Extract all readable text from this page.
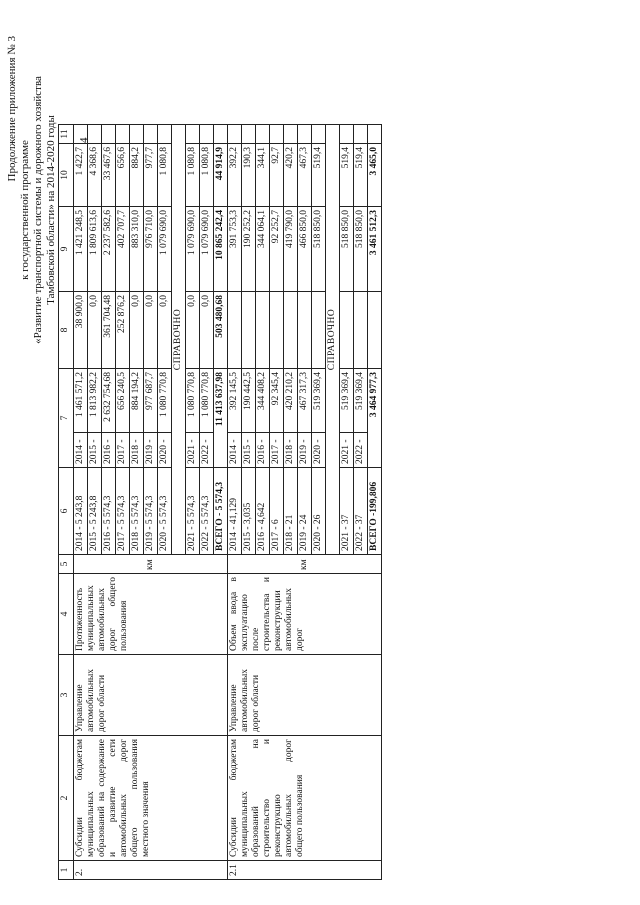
4
Продолжение приложения № 3
к государственной программе «Развитие транспортной системы и дорожного хозяйства Тамбовской области» на 2014-2020 годы
1	2	3	4	5	6	7		8	9	10	11
2.	Субсидии бюджетам муниципальных образований на содержание и развитие сети автомобильных дорог общего пользования местного значения	Управление автомобильных дорог области	Протяженность муниципальных автомобильных дорог общего пользования	км	2014 - 5 243,8	2014 -	1 461 571,2	38 900,0	1 421 248,5	1 422,7	
					2015 - 5 243,8	2015 -	1 813 982,2	0,0	1 809 613,6	4 368,6	
					2016 - 5 574,3	2016 -	2 632 754,68	361 704,48	2 237 582,6	33 467,6	
					2017 - 5 574,3	2017 -	656 240,5	252 876,2	402 707,7	656,6	
					2018 - 5 574,3	2018 -	884 194,2	0,0	883 310,0	884,2	
					2019 - 5 574,3	2019 -	977 687,7	0,0	976 710,0	977,7	
					2020 - 5 574,3	2020 -	1 080 770,8	0,0	1 079 690,0	1 080,8	
					СПРАВОЧНО						
					2021 - 5 574,3	2021 -	1 080 770,8	0,0	1 079 690,0	1 080,8	
					2022 - 5 574,3	2022 -	1 080 770,8	0,0	1 079 690,0	1 080,8	
					ВСЕГО - 5 574,3	11 413 637,98		503 480,68	10 865 242,4	44 914,9	
2.1	Субсидии бюджетам муниципальных образований на строительство и реконструкцию автомобильных дорог общего пользования	Управление автомобильных дорог области	Объем ввода в эксплуатацию после строительства и реконструкции автомобильных дорог	км	2014 - 41,129	2014 -	392 145,5		391 753,3	392,2	
					2015 - 3,035	2015 -	190 442,5		190 252,2	190,3	
					2016 - 4,642	2016 -	344 408,2		344 064,1	344,1	
					2017 - 6	2017 -	92 345,4		92 252,7	92,7	
					2018 - 21	2018 -	420 210,2		419 790,0	420,2	
					2019 - 24	2019 -	467 317,3		466 850,0	467,3	
					2020 - 26	2020 -	519 369,4		518 850,0	519,4	
					СПРАВОЧНО						
					2021 - 37	2021 -	519 369,4		518 850,0	519,4	
					2022 - 37	2022 -	519 369,4		518 850,0	519,4	
					ВСЕГО -199,806	3 464 977,3			3 461 512,3	3 465,0	
